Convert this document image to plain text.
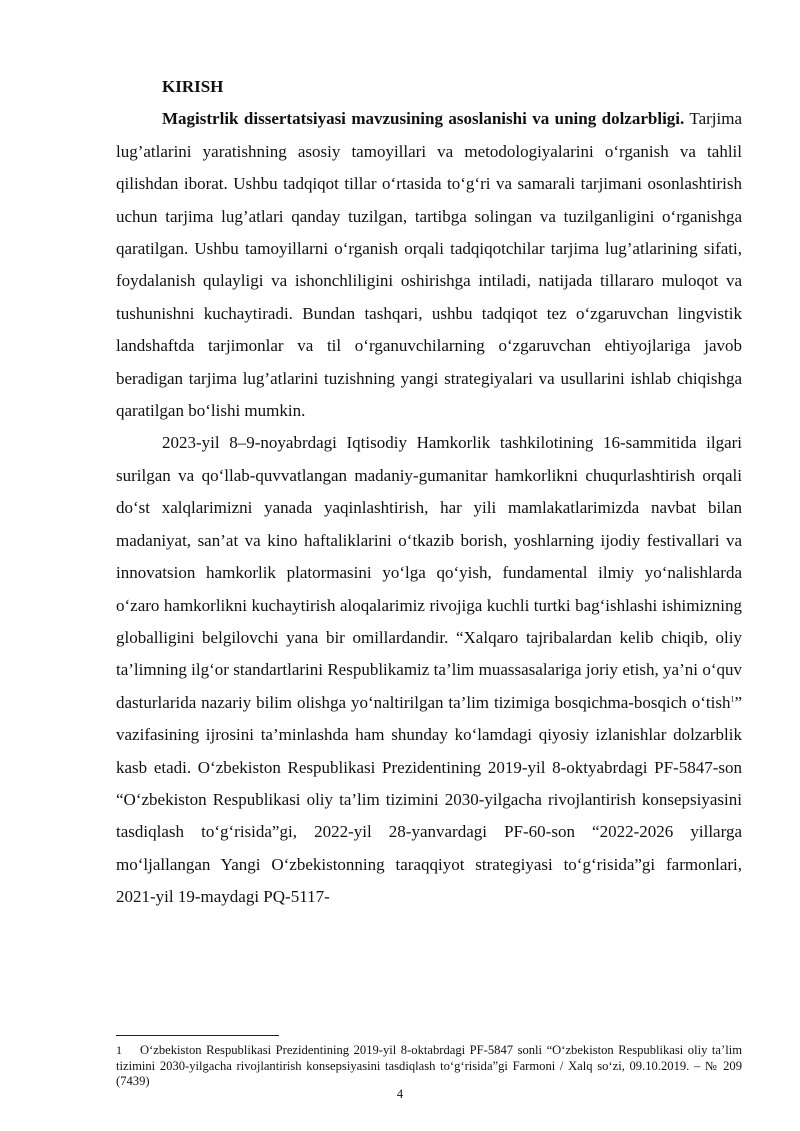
KIRISH

Magistrlik dissertatsiyasi mavzusining asoslanishi va uning dolzarbligi. Tarjima lug’atlarini yaratishning asosiy tamoyillari va metodologiyalarini o‘rganish va tahlil qilishdan iborat. Ushbu tadqiqot tillar o‘rtasida to‘g‘ri va samarali tarjimani osonlashtirish uchun tarjima lug’atlari qanday tuzilgan, tartibga solingan va tuzilganligini o‘rganishga qaratilgan. Ushbu tamoyillarni o‘rganish orqali tadqiqotchilar tarjima lug’atlarining sifati, foydalanish qulayligi va ishonchliligini oshirishga intiladi, natijada tillararo muloqot va tushunishni kuchaytiradi. Bundan tashqari, ushbu tadqiqot tez o‘zgaruvchan lingvistik landshaftda tarjimonlar va til o‘rganuvchilarning o‘zgaruvchan ehtiyojlariga javob beradigan tarjima lug’atlarini tuzishning yangi strategiyalari va usullarini ishlab chiqishga qaratilgan bo‘lishi mumkin.

2023-yil 8–9-noyabrdagi Iqtisodiy Hamkorlik tashkilotining 16-sammitida ilgari surilgan va qo‘llab-quvvatlangan madaniy-gumanitar hamkorlikni chuqurlashtirish orqali do‘st xalqlarimizni yanada yaqinlashtirish, har yili mamlakatlarimizda navbat bilan madaniyat, san’at va kino haftaliklarini o‘tkazib borish, yoshlarning ijodiy festivallari va innovatsion hamkorlik platormasini yo‘lga qo‘yish, fundamental ilmiy yo‘nalishlarda o‘zaro hamkorlikni kuchaytirish aloqalarimiz rivojiga kuchli turtki bag‘ishlashi ishimizning globalligini belgilovchi yana bir omillardandir. “Xalqaro tajribalardan kelib chiqib, oliy ta’limning ilg‘or standartlarini Respublikamiz ta’lim muassasalariga joriy etish, ya’ni o‘quv dasturlarida nazariy bilim olishga yo‘naltirilgan ta’lim tizimiga bosqichma-bosqich o‘tish$^1$” vazifasining ijrosini ta’minlashda ham shunday ko‘lamdagi qiyosiy izlanishlar dolzarblik kasb etadi. O‘zbekiston Respublikasi Prezidentining 2019-yil 8-oktyabrdagi PF-5847-son “O‘zbekiston Respublikasi oliy ta’lim tizimini 2030-yilgacha rivojlantirish konsepsiyasini tasdiqlash to‘g‘risida”gi, 2022-yil 28-yanvardagi PF-60-son “2022-2026 yillarga mo‘ljallangan Yangi O‘zbekistonning taraqqiyot strategiyasi to‘g‘risida”gi farmonlari, 2021-yil 19-maydagi PQ-5117-

1 O‘zbekiston Respublikasi Prezidentining 2019-yil 8-oktabrdagi PF-5847 sonli “O‘zbekiston Respublikasi oliy ta’lim tizimini 2030-yilgacha rivojlantirish konsepsiyasini tasdiqlash to‘g‘risida”gi Farmoni / Xalq so‘zi, 09.10.2019. – № 209 (7439)

4
